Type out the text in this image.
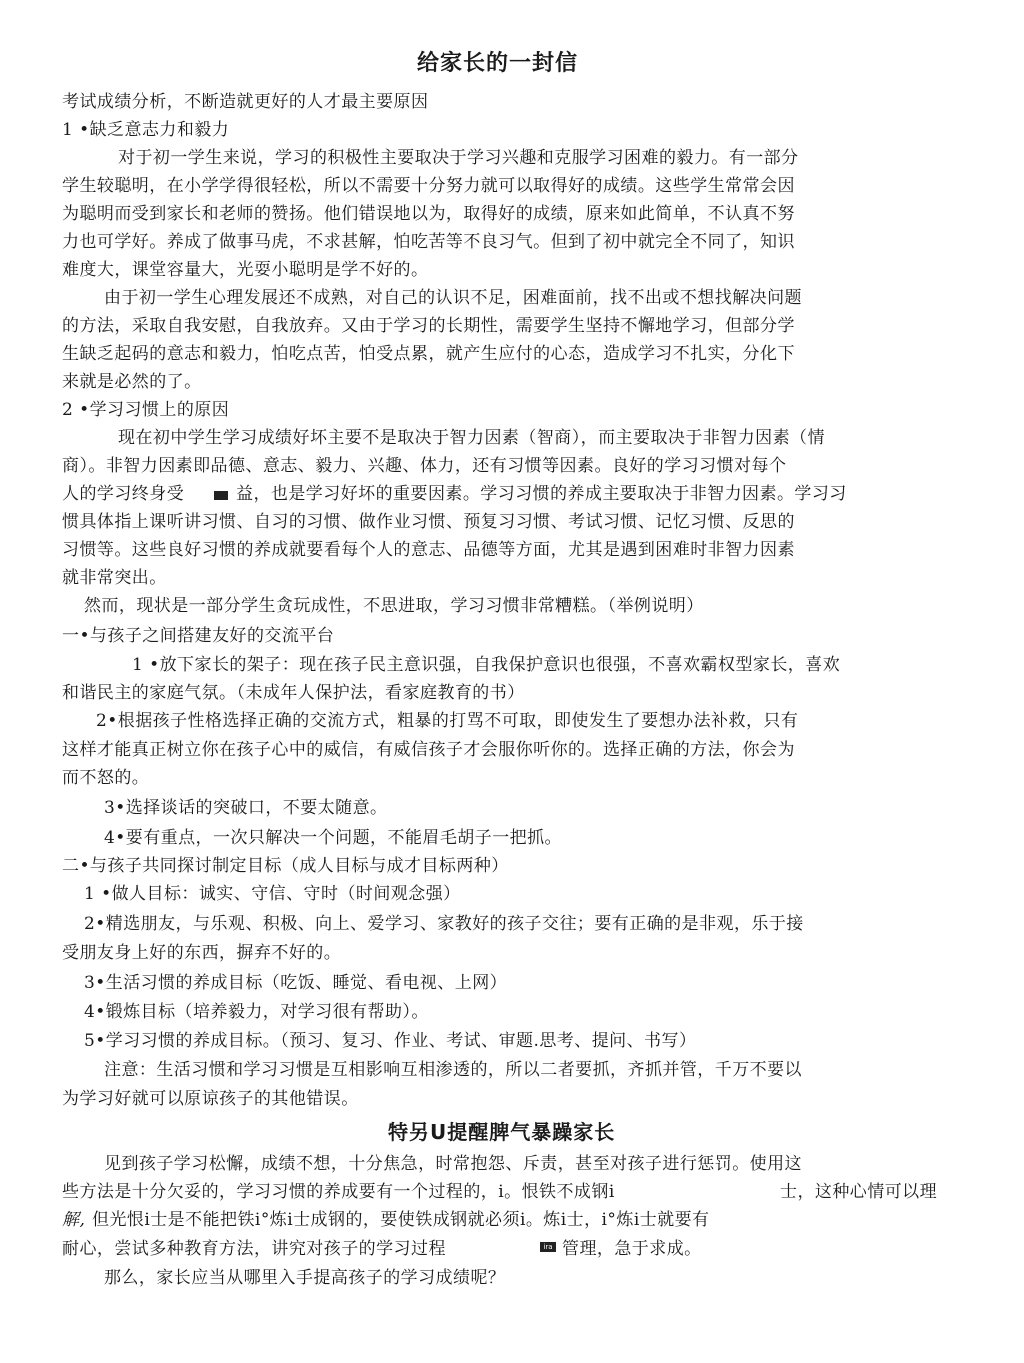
给家长的一封信
考试成绩分析，不断造就更好的人才最主要原因
1 •缺乏意志力和毅力
对于初一学生来说，学习的积极性主要取决于学习兴趣和克服学习困难的毅力。有一部分
学生较聪明，在小学学得很轻松，所以不需要十分努力就可以取得好的成绩。这些学生常常会因
为聪明而受到家长和老师的赞扬。他们错误地以为，取得好的成绩，原来如此简单，不认真不努
力也可学好。养成了做事马虎，不求甚解，怕吃苦等不良习气。但到了初中就完全不同了，知识
难度大，课堂容量大，光耍小聪明是学不好的。
由于初一学生心理发展还不成熟，对自己的认识不足，困难面前，找不出或不想找解决问题
的方法，采取自我安慰，自我放弃。又由于学习的长期性，需要学生坚持不懈地学习，但部分学
生缺乏起码的意志和毅力，怕吃点苦，怕受点累，就产生应付的心态，造成学习不扎实，分化下
来就是必然的了。
2 •学习习惯上的原因
现在初中学生学习成绩好坏主要不是取决于智力因素（智商），而主要取决于非智力因素（情
商）。非智力因素即品德、意志、毅力、兴趣、体力，还有习惯等因素。良好的学习习惯对每个
人的学习终身受	益，也是学习好坏的重要因素。学习习惯的养成主要取决于非智力因素。学习习
惯具体指上课听讲习惯、自习的习惯、做作业习惯、预复习习惯、考试习惯、记忆习惯、反思的
习惯等。这些良好习惯的养成就要看每个人的意志、品德等方面，尤其是遇到困难时非智力因素
就非常突出。
然而，现状是一部分学生贪玩成性，不思进取，学习习惯非常糟糕。（举例说明）
一•与孩子之间搭建友好的交流平台
1 •放下家长的架子：现在孩子民主意识强，自我保护意识也很强，不喜欢霸权型家长，喜欢
和谐民主的家庭气氛。（未成年人保护法，看家庭教育的书）
2•根据孩子性格选择正确的交流方式，粗暴的打骂不可取，即使发生了要想办法补救，只有
这样才能真正树立你在孩子心中的威信，有威信孩子才会服你听你的。选择正确的方法，你会为
而不怒的。
3•选择谈话的突破口，不要太随意。
4•要有重点，一次只解决一个问题，不能眉毛胡子一把抓。
二•与孩子共同探讨制定目标（成人目标与成才目标两种）
1 •做人目标：诚实、守信、守时（时间观念强）
2•精选朋友，与乐观、积极、向上、爱学习、家教好的孩子交往；要有正确的是非观，乐于接
受朋友身上好的东西，摒弃不好的。
3•生活习惯的养成目标（吃饭、睡觉、看电视、上网）
4•锻炼目标（培养毅力，对学习很有帮助）。
5•学习习惯的养成目标。（预习、复习、作业、考试、审题.思考、提问、书写）
注意：生活习惯和学习习惯是互相影响互相渗透的，所以二者要抓，齐抓并管，千万不要以
为学习好就可以原谅孩子的其他错误。
特另U提醒脾气暴躁家长
见到孩子学习松懈，成绩不想，十分焦急，时常抱怨、斥责，甚至对孩子进行惩罚。使用这
些方法是十分欠妥的，学习习惯的养成要有一个过程的，i。恨铁不成钢i	士，这种心情可以理
解, 但光恨i士是不能把铁i°炼i士成钢的，要使铁成钢就必须i。炼i士，i°炼i士就要有
耐心，尝试多种教育方法，讲究对孩子的学习过程	ira 管理，急于求成。
那么，家长应当从哪里入手提高孩子的学习成绩呢？
